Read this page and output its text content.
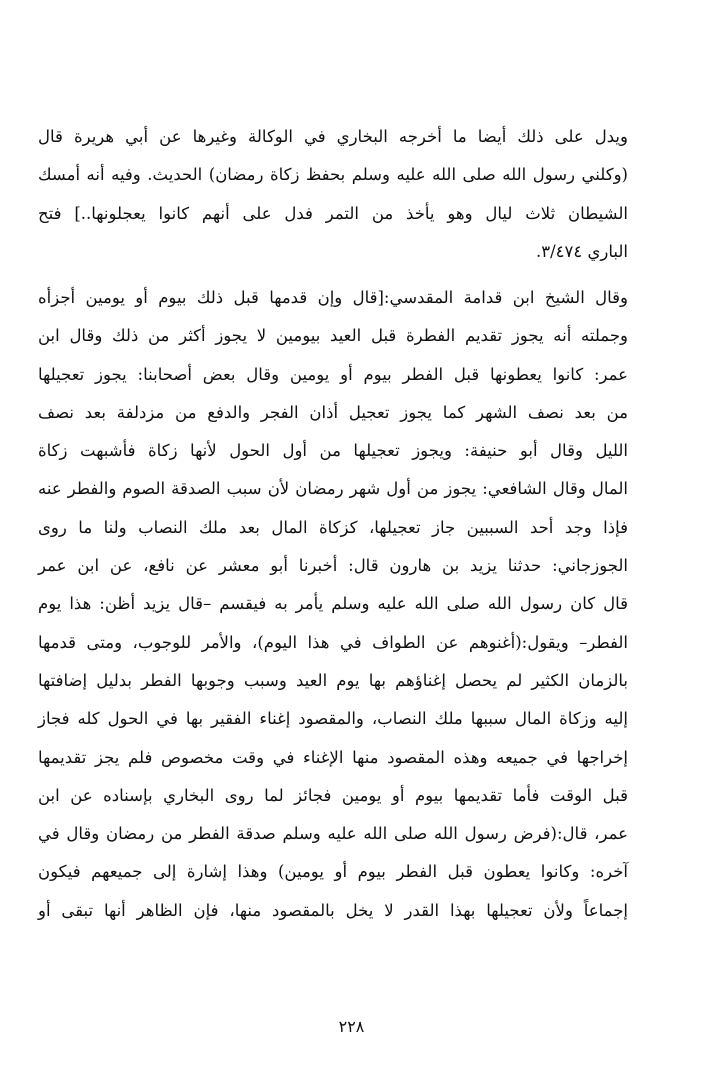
ويدل على ذلك أيضا ما أخرجه البخاري في الوكالة وغيرها عن أبي هريرة قال
(وكلني رسول الله صلى الله عليه وسلم بحفظ زكاة رمضان) الحديث. وفيه أنه أمسك
الشيطان ثلاث ليال وهو يأخذ من التمر فدل على أنهم كانوا يعجلونها..] فتح
الباري ٣/٤٧٤.
وقال الشيخ ابن قدامة المقدسي:[قال وإن قدمها قبل ذلك بيوم أو يومين أجزأه
وجملته أنه يجوز تقديم الفطرة قبل العيد بيومين لا يجوز أكثر من ذلك وقال ابن
عمر: كانوا يعطونها قبل الفطر بيوم أو يومين وقال بعض أصحابنا: يجوز تعجيلها
من بعد نصف الشهر كما يجوز تعجيل أذان الفجر والدفع من مزدلفة بعد نصف
الليل وقال أبو حنيفة: ويجوز تعجيلها من أول الحول لأنها زكاة فأشبهت زكاة
المال وقال الشافعي: يجوز من أول شهر رمضان لأن سبب الصدقة الصوم والفطر عنه
فإذا وجد أحد السببين جاز تعجيلها، كزكاة المال بعد ملك النصاب ولنا ما روى
الجوزجاني: حدثنا يزيد بن هارون قال: أخبرنا أبو معشر عن نافع، عن ابن عمر
قال كان رسول الله صلى الله عليه وسلم يأمر به فيقسم –قال يزيد أظن: هذا يوم
الفطر– ويقول:(أغنوهم عن الطواف في هذا اليوم)، والأمر للوجوب، ومتى قدمها
بالزمان الكثير لم يحصل إغناؤهم بها يوم العيد وسبب وجوبها الفطر بدليل إضافتها
إليه وزكاة المال سببها ملك النصاب، والمقصود إغناء الفقير بها في الحول كله فجاز
إخراجها في جميعه وهذه المقصود منها الإغناء في وقت مخصوص فلم يجز تقديمها
قبل الوقت فأما تقديمها بيوم أو يومين فجائز لما روى البخاري بإسناده عن ابن
عمر، قال:(فرض رسول الله صلى الله عليه وسلم صدقة الفطر من رمضان وقال في
آخره: وكانوا يعطون قبل الفطر بيوم أو يومين) وهذا إشارة إلى جميعهم فيكون
إجماعاً ولأن تعجيلها بهذا القدر لا يخل بالمقصود منها، فإن الظاهر أنها تبقى أو
٢٢٨
